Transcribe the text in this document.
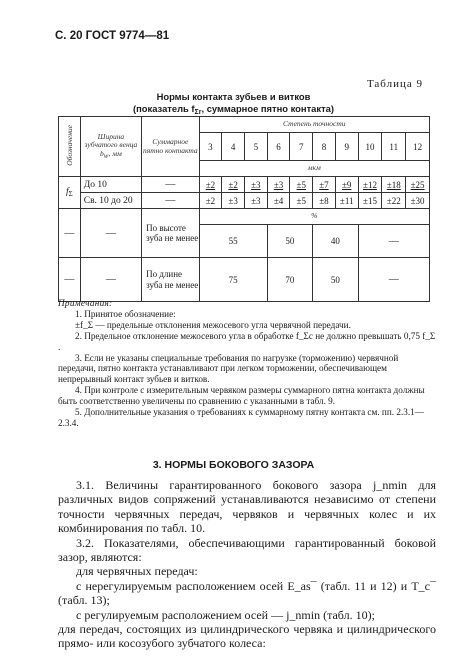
С. 20 ГОСТ 9774—81
Таблица 9
Нормы контакта зубьев и витков
(показатель $f_{\Sigma r}$, суммарное пятно контакта)
Обозначение	Ширина зубчатого венца bw, мм	Суммарное пятно контакта	Степень точности									
			3	4	5	6	7	8	9	10	11	12
			мкм									
$f_\Sigma$	До 10	—	±2	±2	±3	±3	±5	±7	±9	±12	±18	±25
	Св. 10 до 20	—	±2	±3	±3	±4	±5	±8	±11	±15	±22	±30
—	—	По высоте зуба не менее	%									
			55			50		40		—		
—	—	По длине зуба не менее	75			70		50		—		

Примечания:

1. Принятое обозначение:

±f_Σ — предельные отклонения межосевого угла червячной передачи.

2. Предельное отклонение межосевого угла в обработке f_Σс не должно превышать 0,75 f_Σ .

3. Если не указаны специальные требования по нагрузке (торможению) червячной передачи, пятно контакта устанавливают при легком торможении, обеспечивающем непрерывный контакт зубьев и витков.

4. При контроле с измерительным червяком размеры суммарного пятна контакта должны быть соответственно увеличены по сравнению с указанными в табл. 9.

5. Дополнительные указания о требованиях к суммарному пятну контакта см. пп. 2.3.1—2.3.4.

3. НОРМЫ БОКОВОГО ЗАЗОРА

3.1. Величины гарантированного бокового зазора j_nmin для различных видов сопряжений устанавливаются независимо от степени точности червячных передач, червяков и червячных колес и их комбинирования по табл. 10.

3.2. Показателями, обеспечивающими гарантированный боковой зазор, являются:

для червячных передач:

с нерегулируемым расположением осей E_as¯ (табл. 11 и 12) и T_c¯ (табл. 13);

с регулируемым расположением осей — j_nmin (табл. 10);

для передач, состоящих из цилиндрического червяка и цилиндрического прямо- или косозубого зубчатого колеса:
